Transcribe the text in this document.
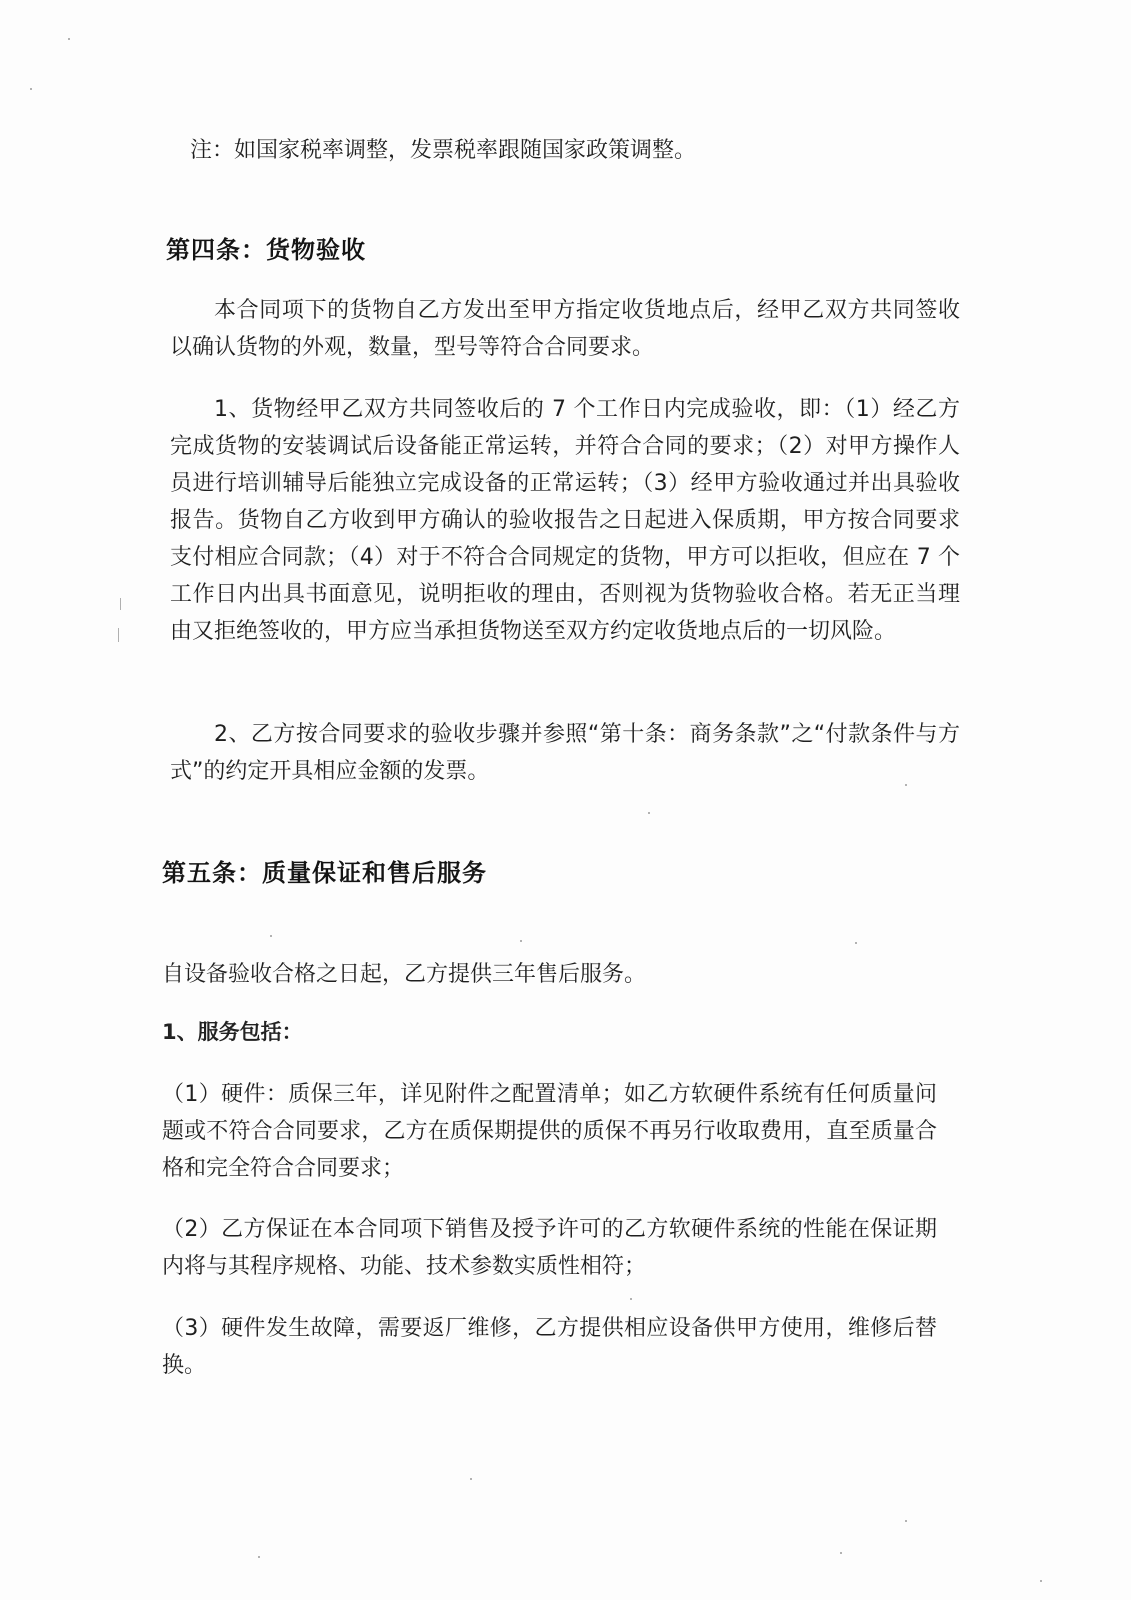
注：如国家税率调整，发票税率跟随国家政策调整。

第四条：货物验收

本合同项下的货物自乙方发出至甲方指定收货地点后，经甲乙双方共同签收以确认货物的外观，数量，型号等符合合同要求。

1、货物经甲乙双方共同签收后的 7 个工作日内完成验收，即：（1）经乙方完成货物的安装调试后设备能正常运转，并符合合同的要求；（2）对甲方操作人员进行培训辅导后能独立完成设备的正常运转；（3）经甲方验收通过并出具验收报告。货物自乙方收到甲方确认的验收报告之日起进入保质期，甲方按合同要求支付相应合同款；（4）对于不符合合同规定的货物，甲方可以拒收，但应在 7 个工作日内出具书面意见，说明拒收的理由，否则视为货物验收合格。若无正当理由又拒绝签收的，甲方应当承担货物送至双方约定收货地点后的一切风险。

2、乙方按合同要求的验收步骤并参照“第十条：商务条款”之“付款条件与方式”的约定开具相应金额的发票。

第五条：质量保证和售后服务

自设备验收合格之日起，乙方提供三年售后服务。

1、服务包括：

（1）硬件：质保三年，详见附件之配置清单；如乙方软硬件系统有任何质量问题或不符合合同要求，乙方在质保期提供的质保不再另行收取费用，直至质量合格和完全符合合同要求；

（2）乙方保证在本合同项下销售及授予许可的乙方软硬件系统的性能在保证期内将与其程序规格、功能、技术参数实质性相符；

（3）硬件发生故障，需要返厂维修，乙方提供相应设备供甲方使用，维修后替换。
